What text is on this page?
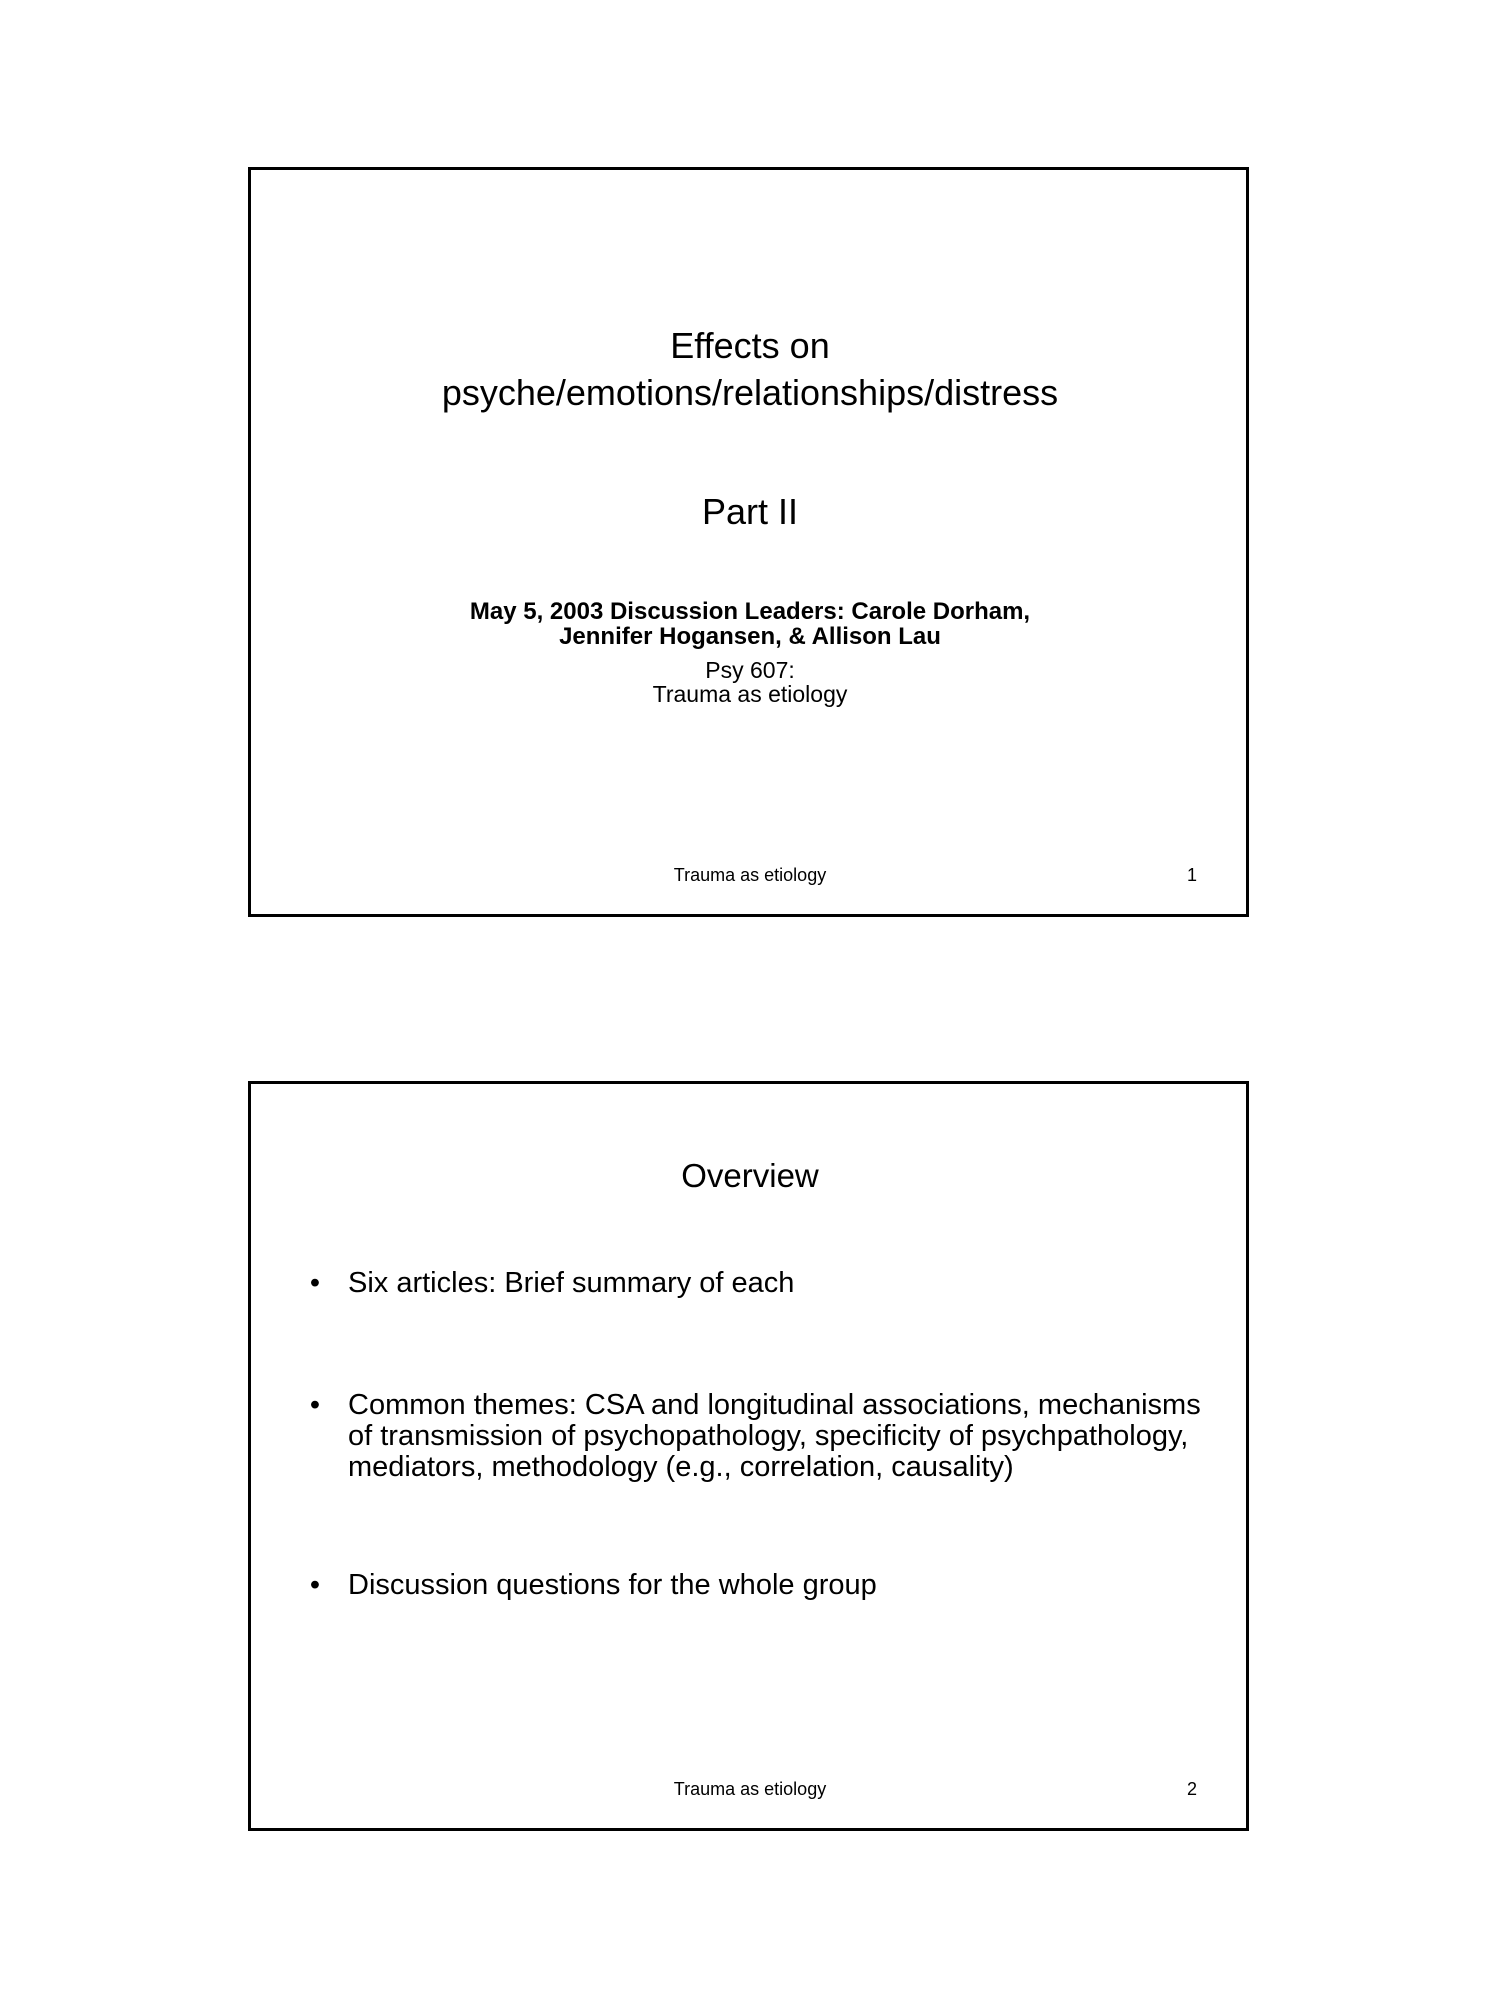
Effects on
psyche/emotions/relationships/distress
Part II
May 5, 2003 Discussion Leaders: Carole Dorham,
Jennifer Hogansen, & Allison Lau
Psy 607:
Trauma as etiology
Trauma as etiology	1
Overview
• Six articles: Brief summary of each
• Common themes: CSA and longitudinal associations, mechanisms
of transmission of psychopathology, specificity of psychpathology,
mediators, methodology (e.g., correlation, causality)
• Discussion questions for the whole group
Trauma as etiology	2
